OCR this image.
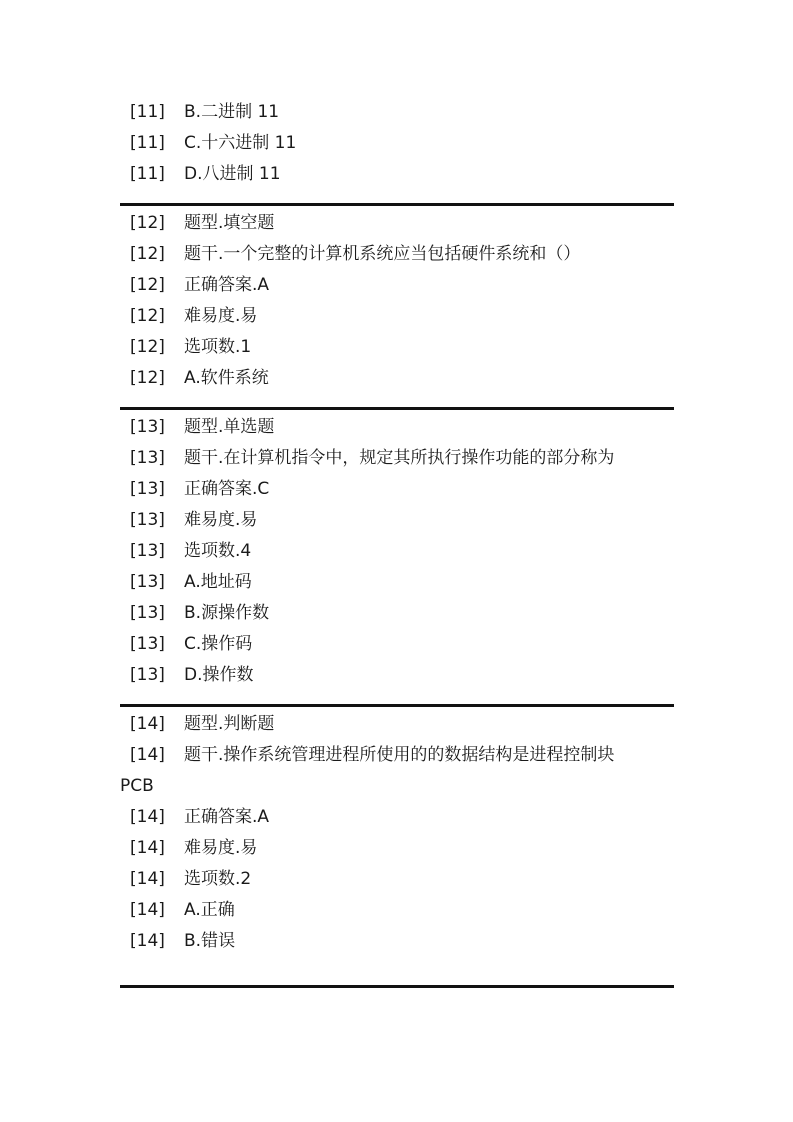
[11]	B.二进制 11
[11]	C.十六进制 11
[11]	D.八进制 11
[12]	题型.填空题
[12]	题干.一个完整的计算机系统应当包括硬件系统和（）
[12]	正确答案.A
[12]	难易度.易
[12]	选项数.1
[12]	A.软件系统
[13]	题型.单选题
[13]	题干.在计算机指令中，规定其所执行操作功能的部分称为
[13]	正确答案.C
[13]	难易度.易
[13]	选项数.4
[13]	A.地址码
[13]	B.源操作数
[13]	C.操作码
[13]	D.操作数
[14]	题型.判断题
[14]	题干.操作系统管理进程所使用的的数据结构是进程控制块
PCB
[14]	正确答案.A
[14]	难易度.易
[14]	选项数.2
[14]	A.正确
[14]	B.错误
